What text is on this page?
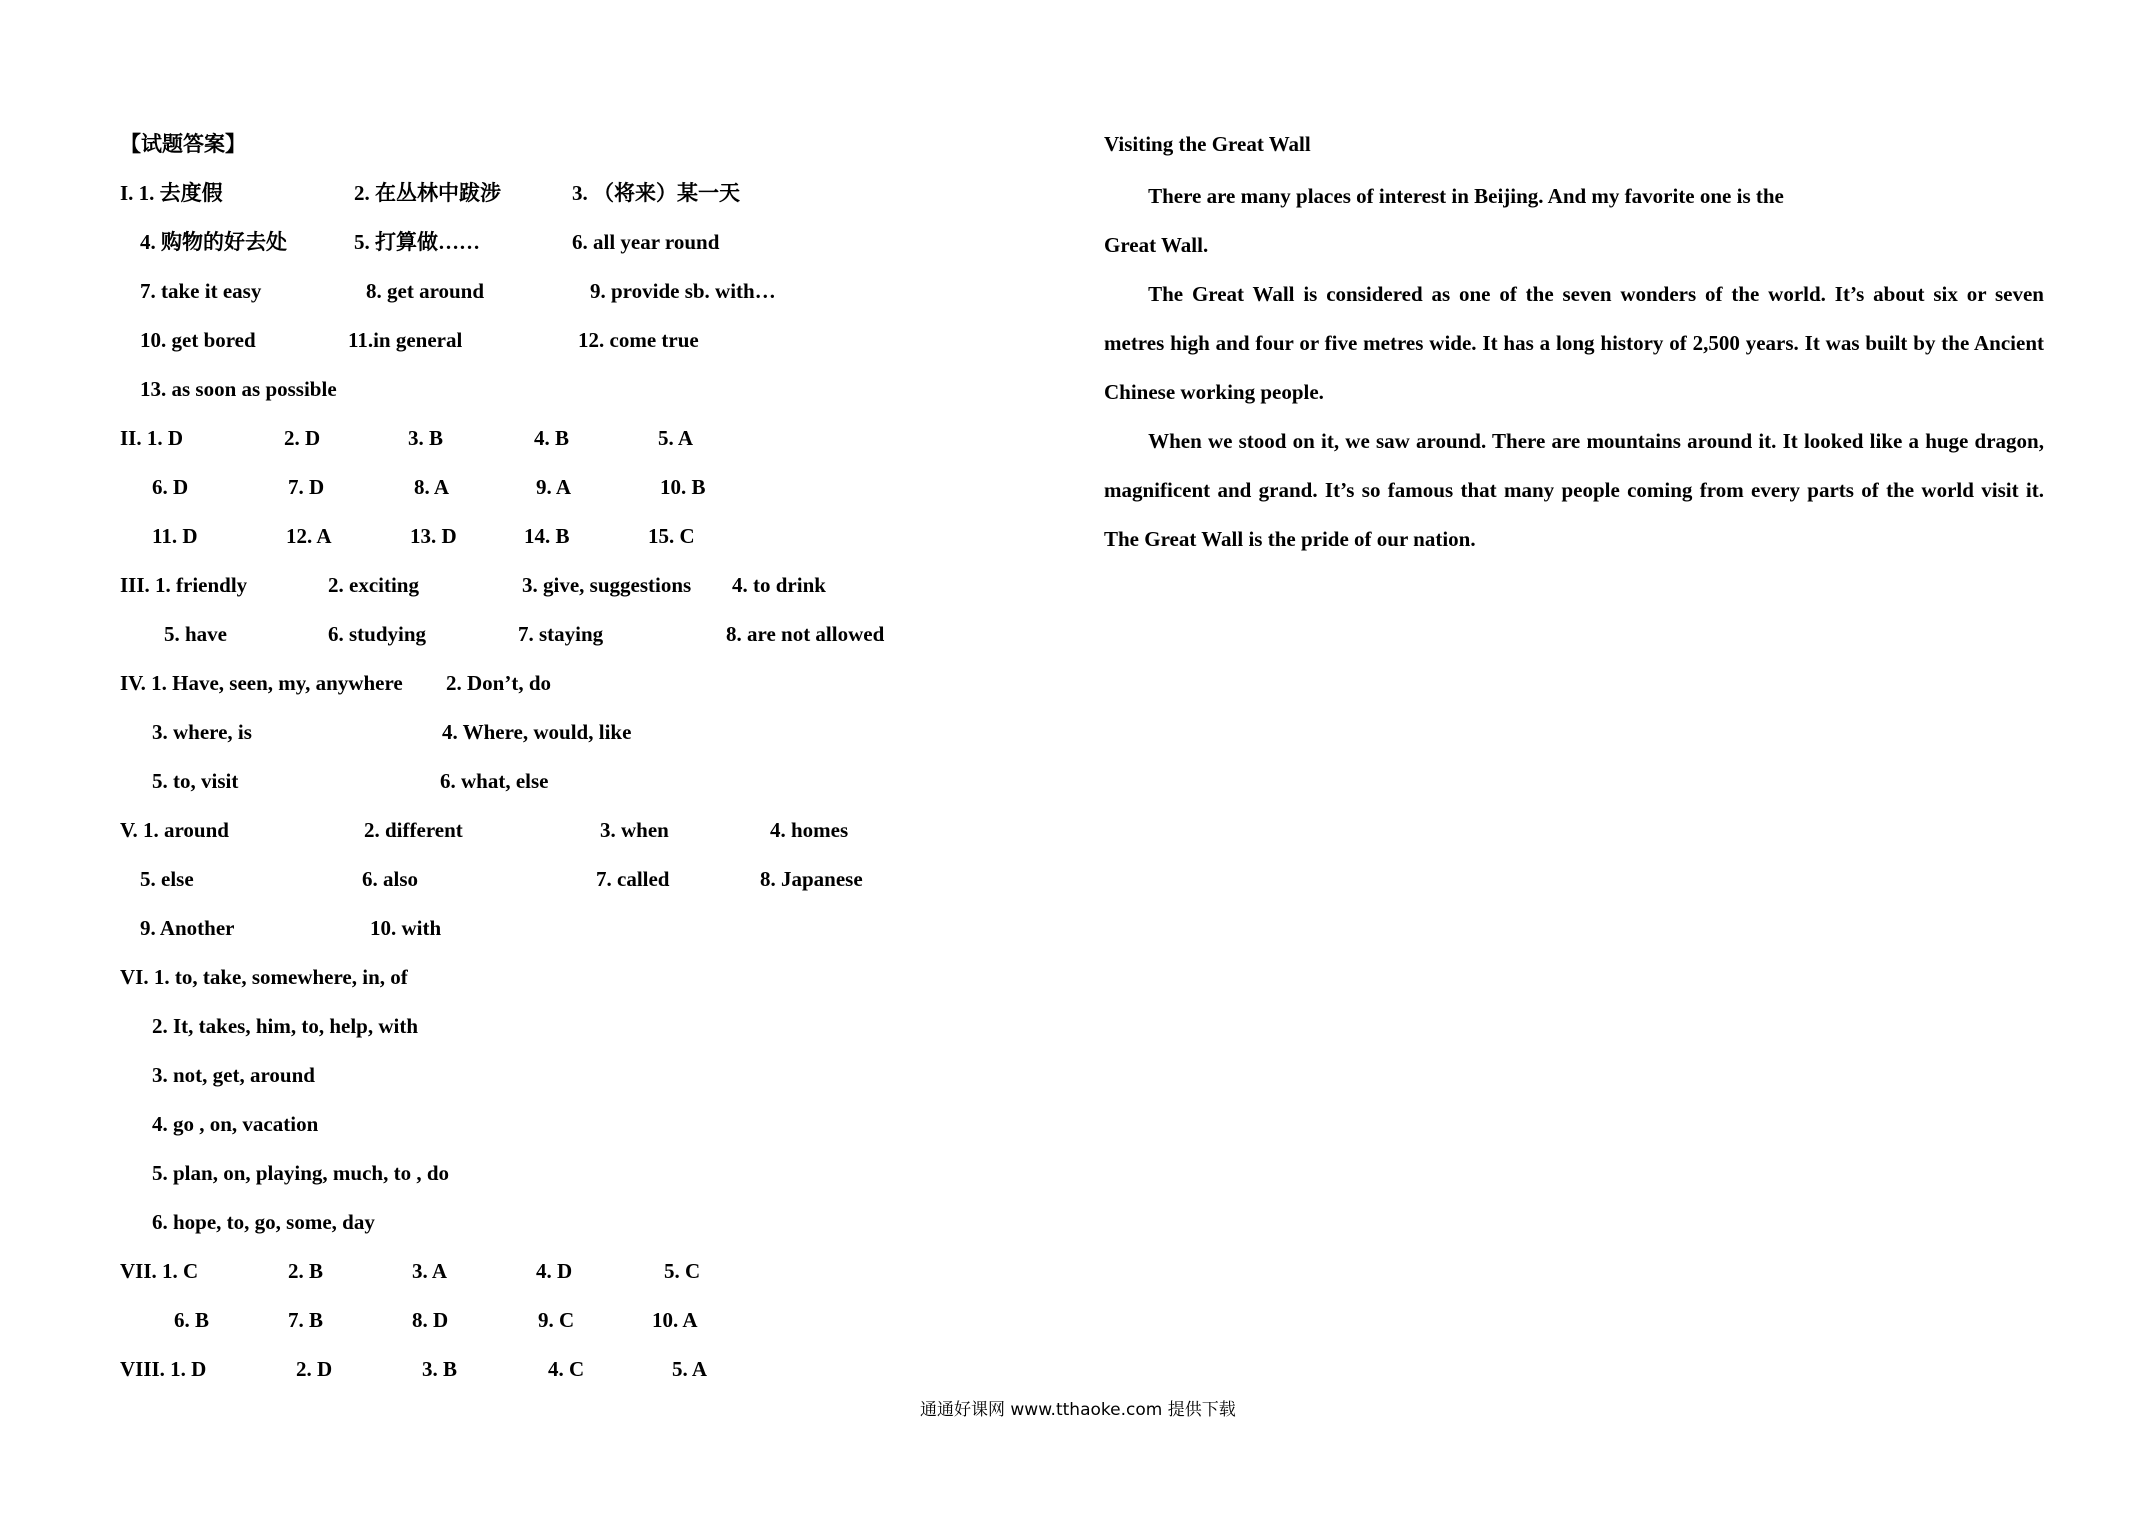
【试题答案】
I. 1. 去度假	2. 在丛林中跋涉	3. （将来）某一天
4. 购物的好去处	5. 打算做……	6. all year round
7. take it easy	8. get around	9. provide sb. with…
10. get bored	11.in general	12. come true
13. as soon as possible
II. 1. D	2. D	3. B	4. B	5. A
6. D	7. D	8. A	9. A	10. B
11. D	12. A	13. D	14. B	15. C
III. 1. friendly	2. exciting	3. give, suggestions 4. to drink
5. have	6. studying	7. staying	8. are not allowed
IV. 1. Have, seen, my, anywhere 2. Don’t, do
3. where, is	4. Where, would, like
5. to, visit	6. what, else
V. 1. around	2. different	3. when	4. homes
5. else	6. also	7. called	8. Japanese
9. Another	10. with
VI. 1. to, take, somewhere, in, of
2. It, takes, him, to, help, with
3. not, get, around
4. go , on, vacation
5. plan, on, playing, much, to , do
6. hope, to, go, some, day
VII. 1. C	2. B	3. A	4. D	5. C
6. B	7. B	8. D	9. C	10. A
VIII. 1. D	2. D	3. B	4. C	5. A
Visiting the Great Wall

There are many places of interest in Beijing. And my favorite one is the

Great Wall.

The Great Wall is considered as one of the seven wonders of the world. It’s about six or seven metres high and four or five metres wide. It has a long history of 2,500 years. It was built by the Ancient Chinese working people.

When we stood on it, we saw around. There are mountains around it. It looked like a huge dragon, magnificent and grand. It’s so famous that many people coming from every parts of the world visit it. The Great Wall is the pride of our nation.

通通好课网 www.tthaoke.com 提供下载
